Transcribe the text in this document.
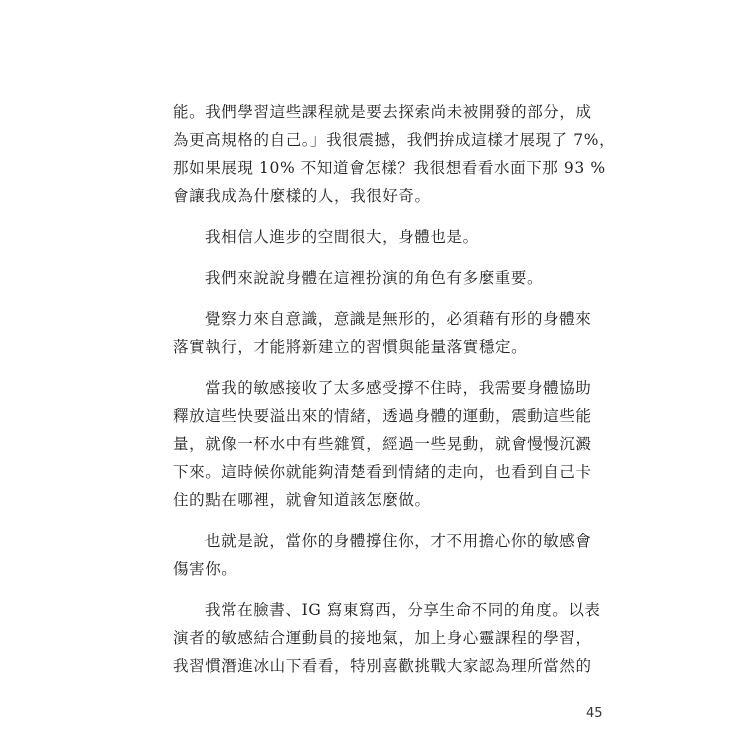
能。我們學習這些課程就是要去探索尚未被開發的部分，成
為更高規格的自己。」我很震撼，我們拚成這樣才展現了 7%，
那如果展現 10% 不知道會怎樣？我很想看看水面下那 93 %
會讓我成為什麼樣的人，我很好奇。
我相信人進步的空間很大，身體也是。
我們來說說身體在這裡扮演的角色有多麼重要。
覺察力來自意識，意識是無形的，必須藉有形的身體來
落實執行，才能將新建立的習慣與能量落實穩定。
當我的敏感接收了太多感受撐不住時，我需要身體協助
釋放這些快要溢出來的情緒，透過身體的運動，震動這些能
量，就像一杯水中有些雜質，經過一些晃動，就會慢慢沉澱
下來。這時候你就能夠清楚看到情緒的走向，也看到自己卡
住的點在哪裡，就會知道該怎麼做。
也就是說，當你的身體撐住你，才不用擔心你的敏感會
傷害你。
我常在臉書、IG 寫東寫西，分享生命不同的角度。以表
演者的敏感結合運動員的接地氣，加上身心靈課程的學習，
我習慣潛進冰山下看看，特別喜歡挑戰大家認為理所當然的
45
